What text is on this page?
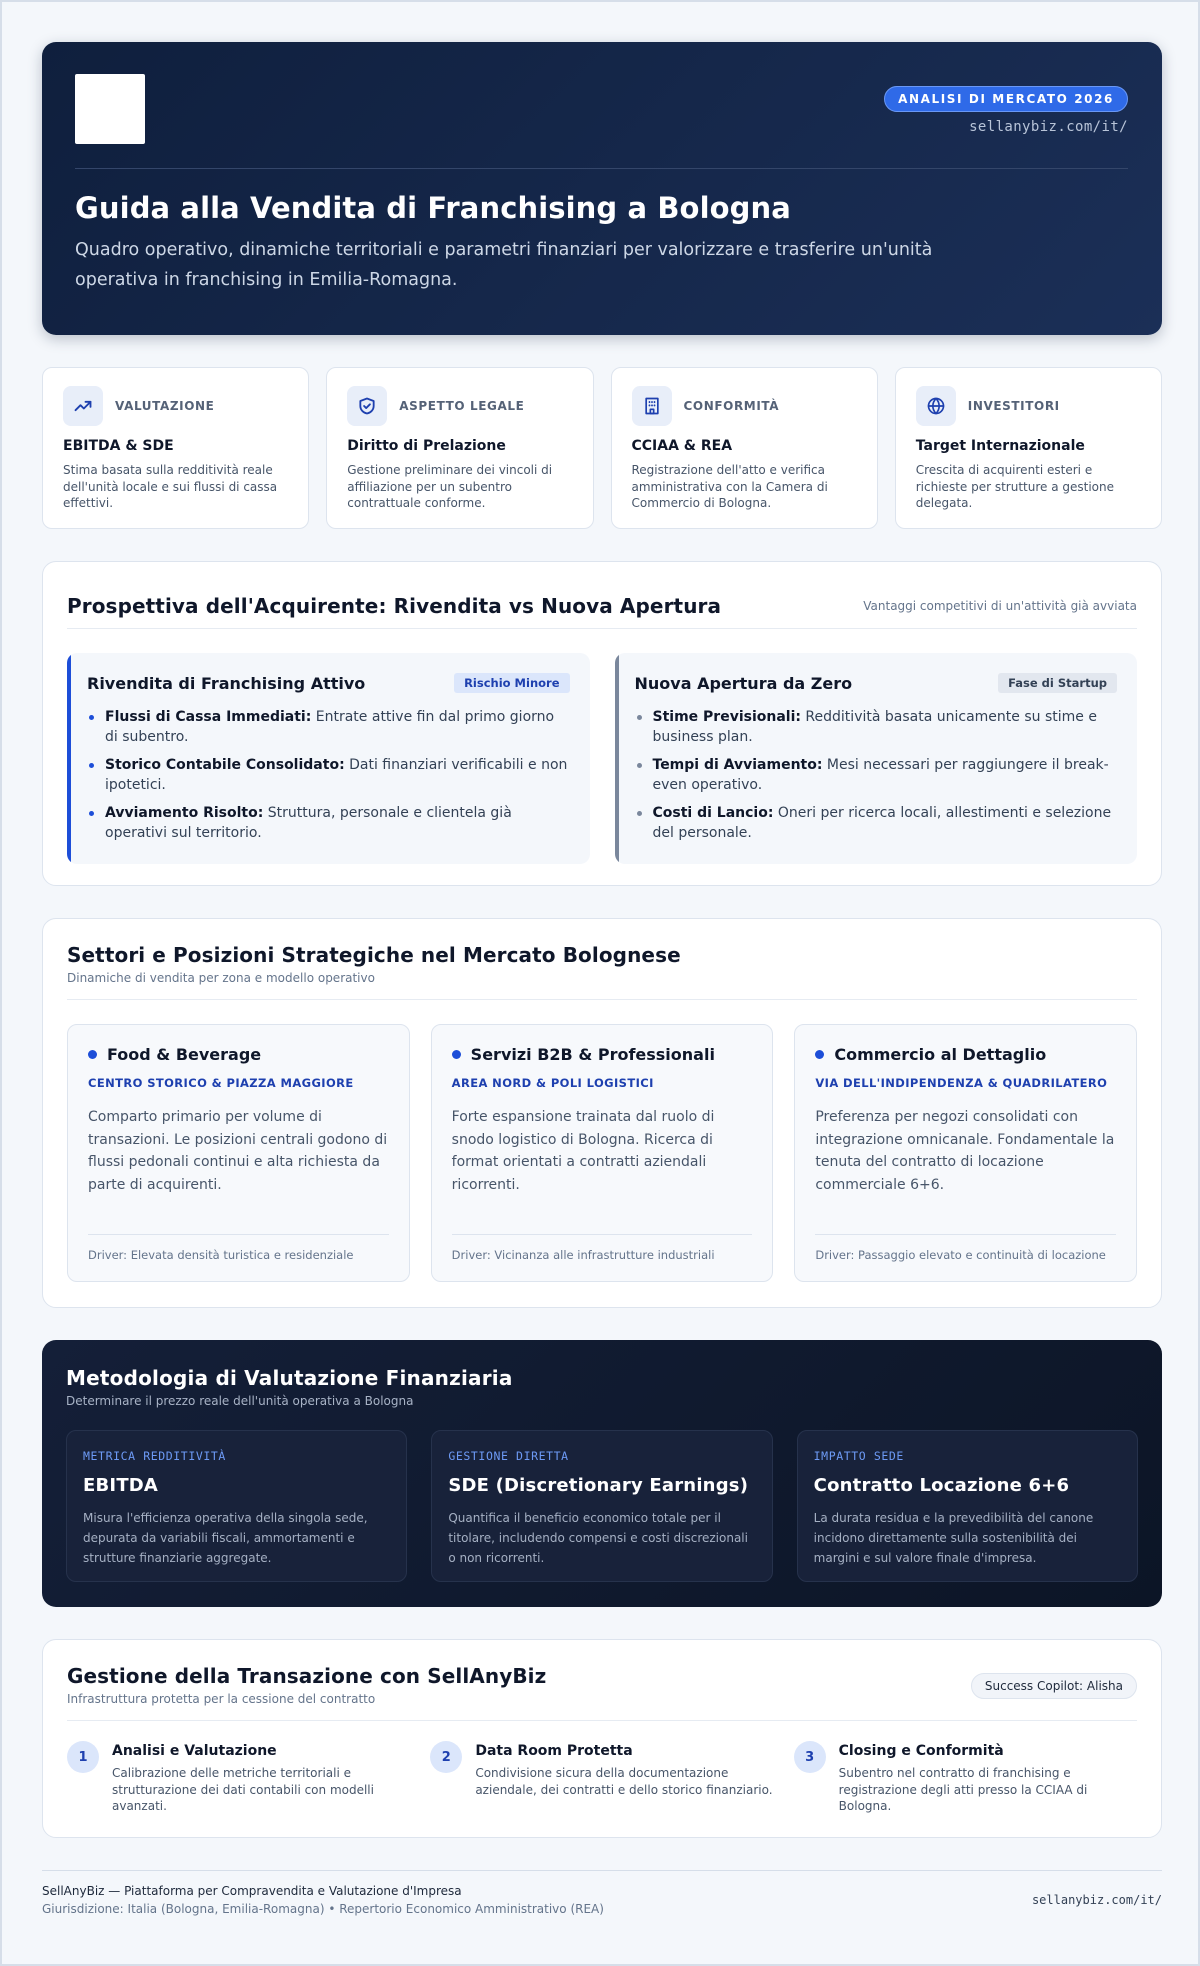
ANALISI DI MERCATO 2026
sellanybiz.com/it/
Guida alla Vendita di Franchising a Bologna

Quadro operativo, dinamiche territoriali e parametri finanziari per valorizzare e trasferire un'unità operativa in franchising in Emilia-Romagna.

VALUTAZIONE
EBITDA & SDE
Stima basata sulla redditività reale dell'unità locale e sui flussi di cassa effettivi.
ASPETTO LEGALE
Diritto di Prelazione
Gestione preliminare dei vincoli di affiliazione per un subentro contrattuale conforme.
CONFORMITÀ
CCIAA & REA
Registrazione dell'atto e verifica amministrativa con la Camera di Commercio di Bologna.
INVESTITORI
Target Internazionale
Crescita di acquirenti esteri e richieste per strutture a gestione delegata.
Prospettiva dell'Acquirente: Rivendita vs Nuova Apertura	Vantaggi competitivi di un'attività già avviata
Rivendita di Franchising Attivo	Rischio Minore
Flussi di Cassa Immediati: Entrate attive fin dal primo giorno di subentro.
Storico Contabile Consolidato: Dati finanziari verificabili e non ipotetici.
Avviamento Risolto: Struttura, personale e clientela già operativi sul territorio.
Nuova Apertura da Zero	Fase di Startup
Stime Previsionali: Redditività basata unicamente su stime e business plan.
Tempi di Avviamento: Mesi necessari per raggiungere il break-even operativo.
Costi di Lancio: Oneri per ricerca locali, allestimenti e selezione del personale.
Settori e Posizioni Strategiche nel Mercato Bolognese

Dinamiche di vendita per zona e modello operativo

Food & Beverage
CENTRO STORICO & PIAZZA MAGGIORE
Comparto primario per volume di transazioni. Le posizioni centrali godono di flussi pedonali continui e alta richiesta da parte di acquirenti.
Driver: Elevata densità turistica e residenziale
Servizi B2B & Professionali
AREA NORD & POLI LOGISTICI
Forte espansione trainata dal ruolo di snodo logistico di Bologna. Ricerca di format orientati a contratti aziendali ricorrenti.
Driver: Vicinanza alle infrastrutture industriali
Commercio al Dettaglio
VIA DELL'INDIPENDENZA & QUADRILATERO
Preferenza per negozi consolidati con integrazione omnicanale. Fondamentale la tenuta del contratto di locazione commerciale 6+6.
Driver: Passaggio elevato e continuità di locazione
Metodologia di Valutazione Finanziaria

Determinare il prezzo reale dell'unità operativa a Bologna

METRICA REDDITIVITÀ
EBITDA
Misura l'efficienza operativa della singola sede, depurata da variabili fiscali, ammortamenti e strutture finanziarie aggregate.
GESTIONE DIRETTA
SDE (Discretionary Earnings)
Quantifica il beneficio economico totale per il titolare, includendo compensi e costi discrezionali o non ricorrenti.
IMPATTO SEDE
Contratto Locazione 6+6
La durata residua e la prevedibilità del canone incidono direttamente sulla sostenibilità dei margini e sul valore finale d'impresa.
Gestione della Transazione con SellAnyBiz

Infrastruttura protetta per la cessione del contratto

Success Copilot: Alisha
1	Analisi e Valutazione
Calibrazione delle metriche territoriali e strutturazione dei dati contabili con modelli avanzati.
2	Data Room Protetta
Condivisione sicura della documentazione aziendale, dei contratti e dello storico finanziario.
3	Closing e Conformità
Subentro nel contratto di franchising e registrazione degli atti presso la CCIAA di Bologna.
SellAnyBiz — Piattaforma per Compravendita e Valutazione d'Impresa
Giurisdizione: Italia (Bologna, Emilia-Romagna) • Repertorio Economico Amministrativo (REA)
sellanybiz.com/it/
